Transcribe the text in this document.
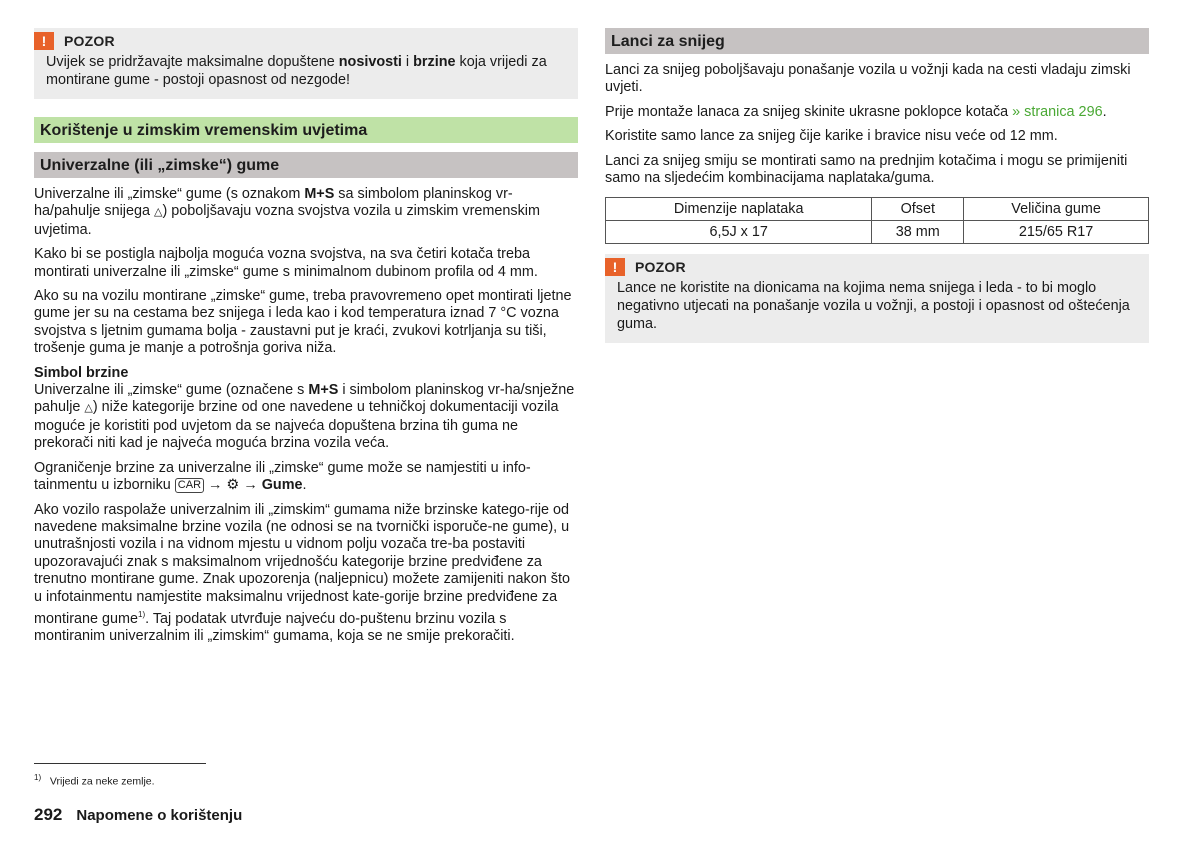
!	POZOR
Uvijek se pridržavajte maksimalne dopuštene nosivosti i brzine koja vrijedi za montirane gume - postoji opasnost od nezgode!
Korištenje u zimskim vremenskim uvjetima
Univerzalne (ili „zimske“) gume

Univerzalne ili „zimske“ gume (s oznakom M+S sa simbolom planinskog vr-ha/pahulje snijega △) poboljšavaju vozna svojstva vozila u zimskim vremenskim uvjetima.

Kako bi se postigla najbolja moguća vozna svojstva, na sva četiri kotača treba montirati univerzalne ili „zimske“ gume s minimalnom dubinom profila od 4 mm.

Ako su na vozilu montirane „zimske“ gume, treba pravovremeno opet montirati ljetne gume jer su na cestama bez snijega i leda kao i kod temperatura iznad 7 °C vozna svojstva s ljetnim gumama bolja - zaustavni put je kraći, zvukovi kotrljanja su tiši, trošenje guma je manje a potrošnja goriva niža.

Simbol brzine

Univerzalne ili „zimske“ gume (označene s M+S i simbolom planinskog vr-ha/snježne pahulje △) niže kategorije brzine od one navedene u tehničkoj dokumentaciji vozila moguće je koristiti pod uvjetom da se najveća dopuštena brzina tih guma ne prekorači niti kad je najveća moguća brzina vozila veća.

Ograničenje brzine za univerzalne ili „zimske“ gume može se namjestiti u info-tainmentu u izborniku CAR → ⚙ → Gume.

Ako vozilo raspolaže univerzalnim ili „zimskim“ gumama niže brzinske katego-rije od navedene maksimalne brzine vozila (ne odnosi se na tvornički isporuče-ne gume), u unutrašnjosti vozila i na vidnom mjestu u vidnom polju vozača tre-ba postaviti upozoravajući znak s maksimalnom vrijednošću kategorije brzine predviđene za trenutno montirane gume. Znak upozorenja (naljepnicu) možete zamijeniti nakon što u infotainmentu namjestite maksimalnu vrijednost kate-gorije brzine predviđene za montirane gume$^{1)}$. Taj podatak utvrđuje najveću do-puštenu brzinu vozila s montiranim univerzalnim ili „zimskim“ gumama, koja se ne smije prekoračiti.

Lanci za snijeg

Lanci za snijeg poboljšavaju ponašanje vozila u vožnji kada na cesti vladaju zimski uvjeti.

Prije montaže lanaca za snijeg skinite ukrasne poklopce kotača » stranica 296.

Koristite samo lance za snijeg čije karike i bravice nisu veće od 12 mm.

Lanci za snijeg smiju se montirati samo na prednjim kotačima i mogu se primijeniti samo na sljedećim kombinacijama naplataka/guma.

Dimenzije naplataka	Ofset	Veličina gume
6,5J x 17	38 mm	215/65 R17
!	POZOR
Lance ne koristite na dionicama na kojima nema snijega i leda - to bi moglo negativno utjecati na ponašanje vozila u vožnji, a postoji i opasnost od oštećenja guma.
$^{1)}$ Vrijedi za neke zemlje.
292 Napomene o korištenju
